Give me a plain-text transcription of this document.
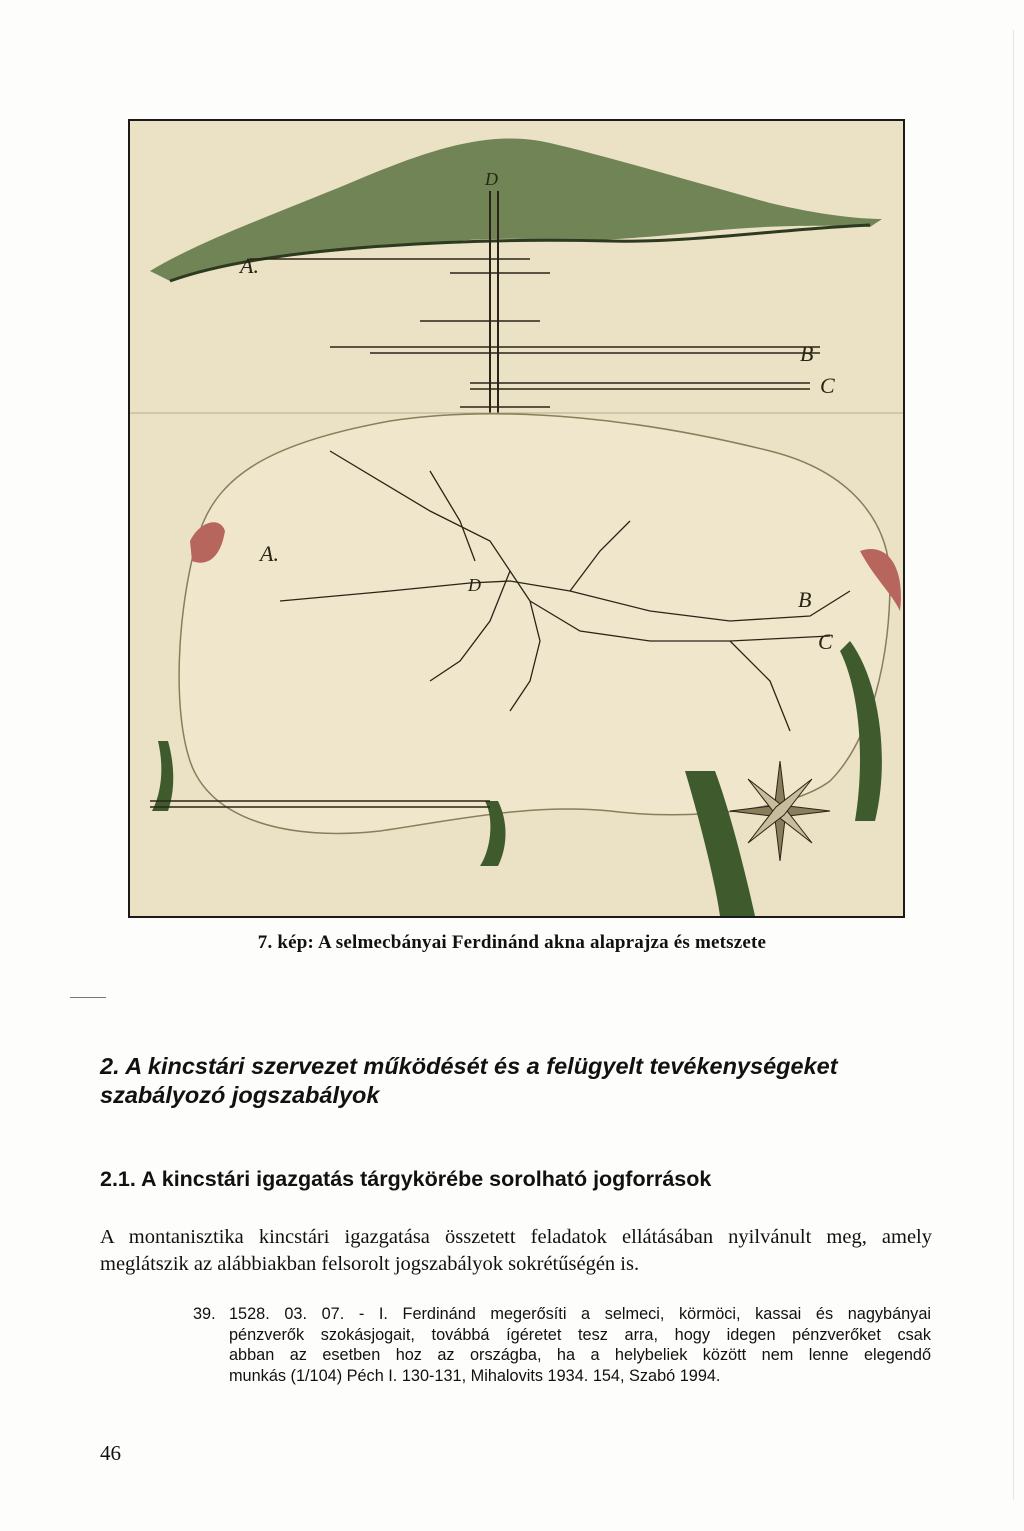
A.
B
C
D
A.
B
C
D
7. kép: A selmecbányai Ferdinánd akna alaprajza és metszete
2. A kincstári szervezet működését és a felügyelt tevékenységeket szabályozó jogszabályok
2.1. A kincstári igazgatás tárgykörébe sorolható jogforrások
A montanisztika kincstári igazgatása összetett feladatok ellátásában nyilvánult meg, amely
meglátszik az alábbiakban felsorolt jogszabályok sokrétűségén is.
39. 1528. 03. 07. - I. Ferdinánd megerősíti a selmeci, körmöci, kassai és nagybányai
pénzverők szokásjogait, továbbá ígéretet tesz arra, hogy idegen pénzverőket csak
abban az esetben hoz az országba, ha a helybeliek között nem lenne elegendő
munkás (1/104) Péch I. 130-131, Mihalovits 1934. 154, Szabó 1994.
46
